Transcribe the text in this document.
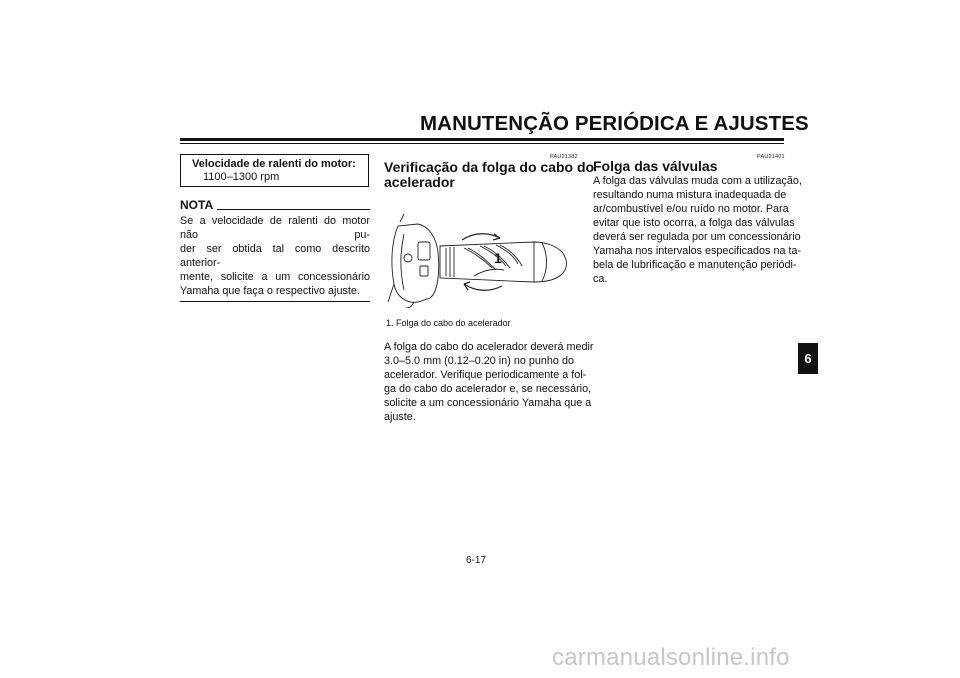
MANUTENÇÃO PERIÓDICA E AJUSTES
Velocidade de ralenti do motor:
1100–1300 rpm
NOTA
Se a velocidade de ralenti do motor não pu-
der ser obtida tal como descrito anterior-
mente, solicite a um concessionário
Yamaha que faça o respectivo ajuste.
PAU21382
Verificação da folga do cabo do
acelerador
1
1. Folga do cabo do acelerador
A folga do cabo do acelerador deverá medir
3.0–5.0 mm (0.12–0.20 in) no punho do
acelerador. Verifique periodicamente a fol-
ga do cabo do acelerador e, se necessário,
solicite a um concessionário Yamaha que a
ajuste.
PAU21401
Folga das válvulas
A folga das válvulas muda com a utilização,
resultando numa mistura inadequada de
ar/combustível e/ou ruído no motor. Para
evitar que isto ocorra, a folga das válvulas
deverá ser regulada por um concessionário
Yamaha nos intervalos especificados na ta-
bela de lubrificação e manutenção periódi-
ca.
6
6-17
carmanualsonline.info
